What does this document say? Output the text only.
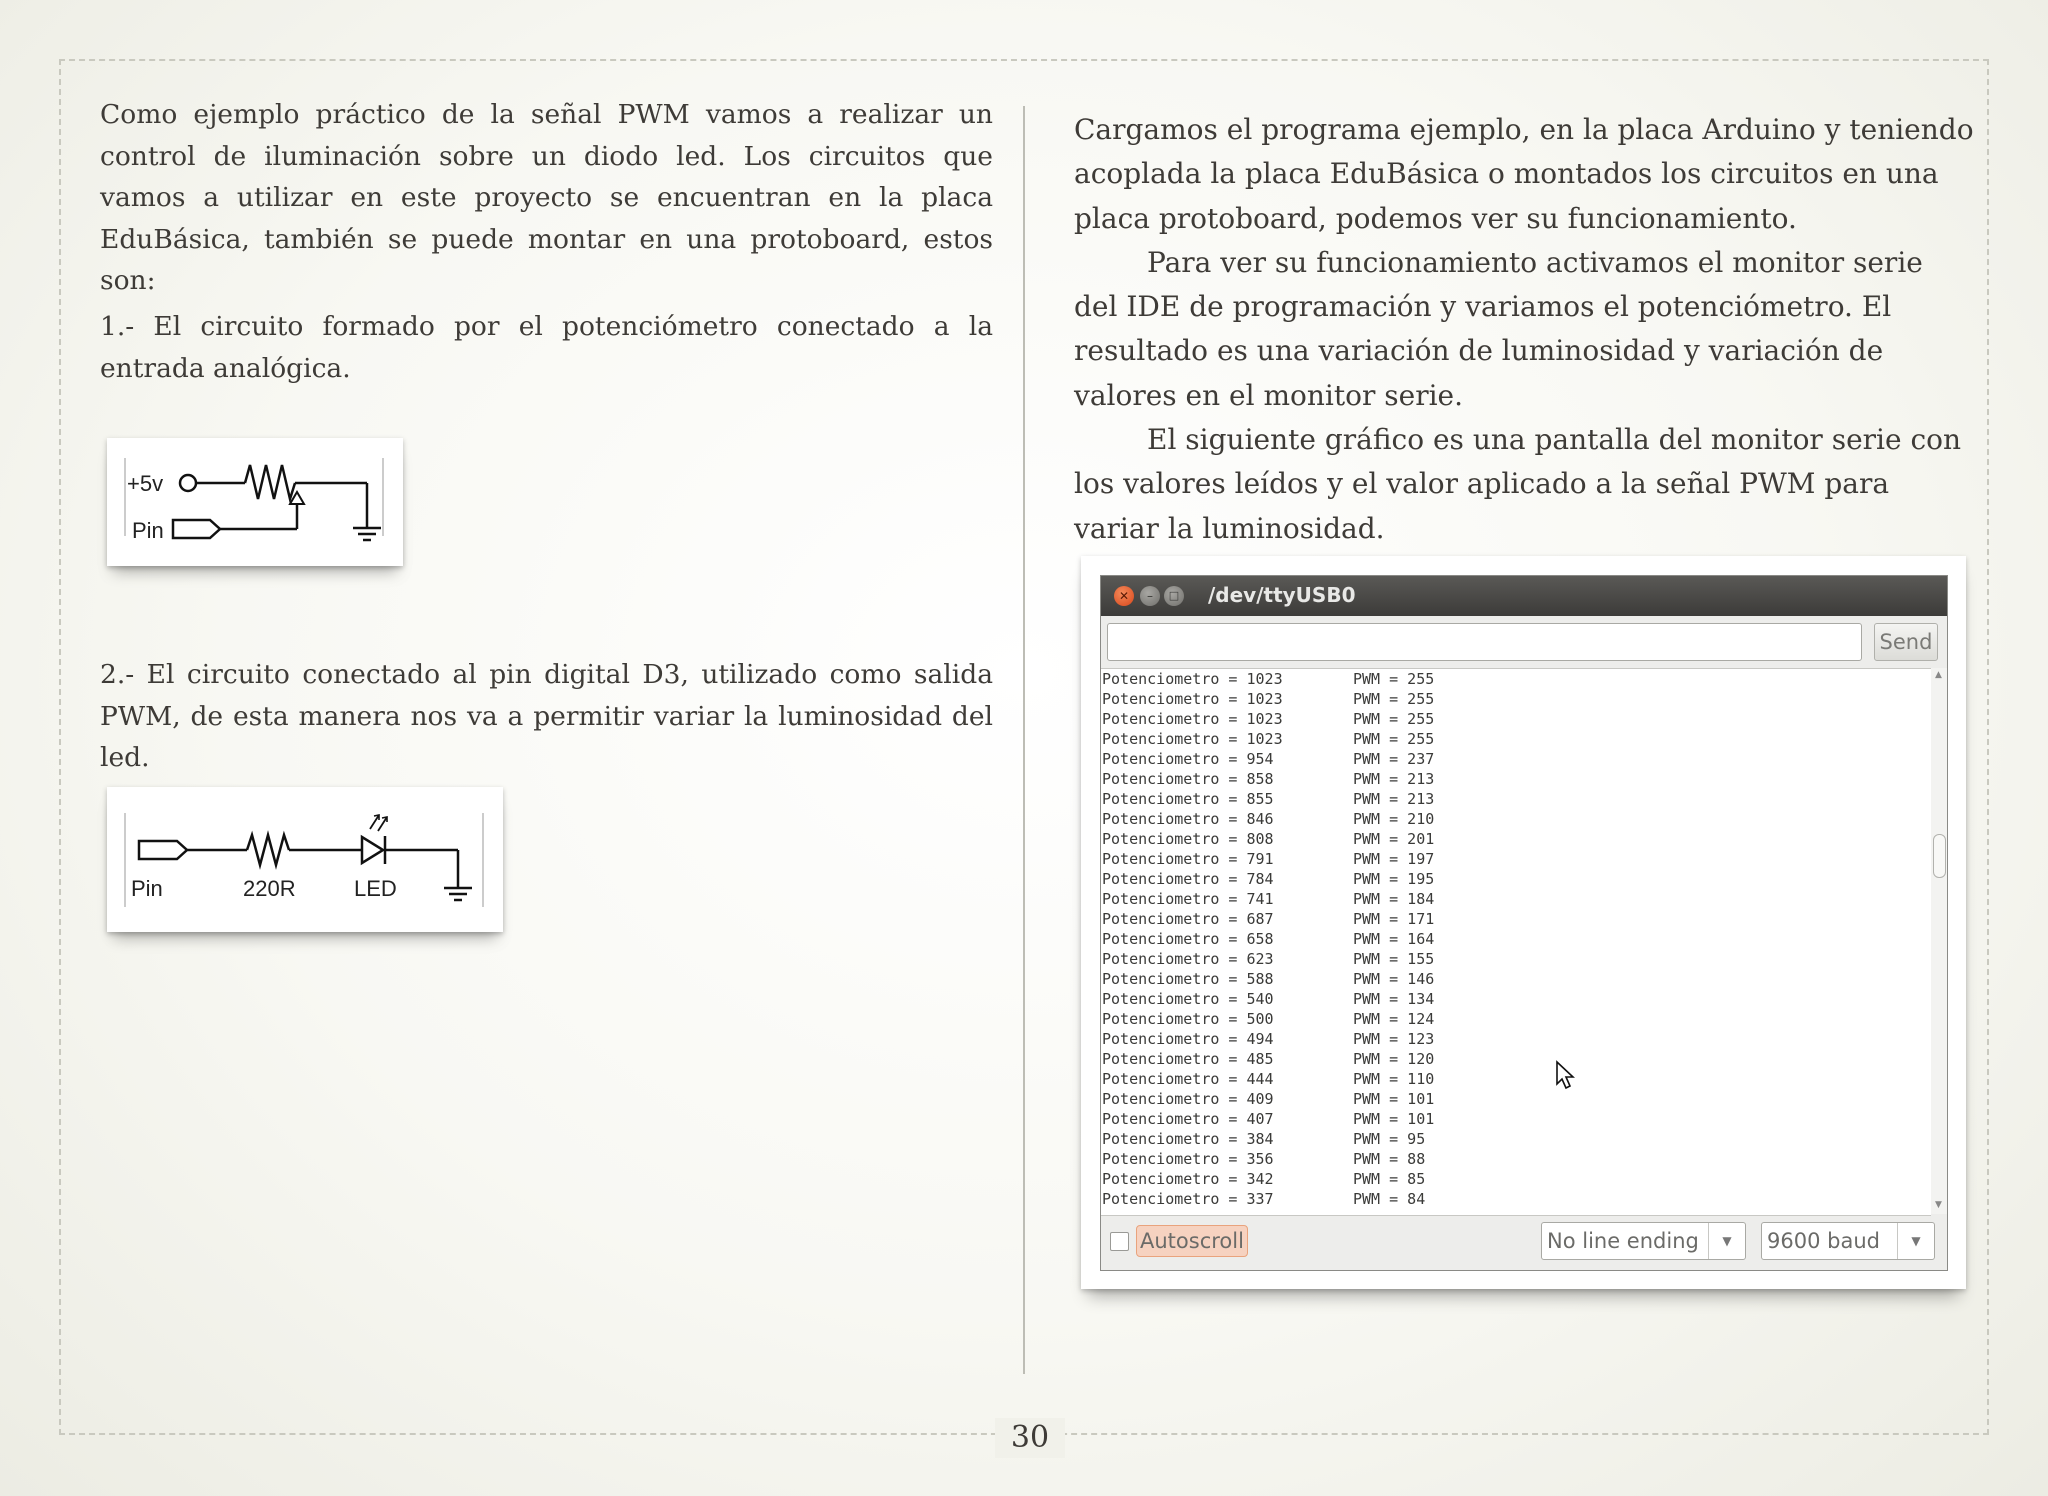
Como ejemplo práctico de la señal PWM vamos a realizar un control de iluminación sobre un diodo led. Los circuitos que vamos a utilizar en este proyecto se encuentran en la placa EduBásica, también se puede montar en una protoboard, estos son:

1.- El circuito formado por el potenciómetro conectado a la entrada analógica.

2.- El circuito conectado al pin digital D3, utilizado como salida PWM, de esta manera nos va a permitir variar la luminosidad del led.

+5v
Pin
Pin	220R	LED

Cargamos el programa ejemplo, en la placa Arduino y teniendo acoplada la placa EduBásica o montados los circuitos en una placa protoboard, podemos ver su funcionamiento.

Para ver su funcionamiento activamos el monitor serie del IDE de programación y variamos el potenciómetro. El resultado es una variación de luminosidad y variación de valores en el monitor serie.

El siguiente gráfico es una pantalla del monitor serie con los valores leídos y el valor aplicado a la señal PWM para variar la luminosidad.

✕	–	□ /dev/ttyUSB0
Send
Potenciometro = 1023	PWM = 255
Potenciometro = 1023	PWM = 255
Potenciometro = 1023	PWM = 255
Potenciometro = 1023	PWM = 255
Potenciometro = 954	PWM = 237
Potenciometro = 858	PWM = 213
Potenciometro = 855	PWM = 213
Potenciometro = 846	PWM = 210
Potenciometro = 808	PWM = 201
Potenciometro = 791	PWM = 197
Potenciometro = 784	PWM = 195
Potenciometro = 741	PWM = 184
Potenciometro = 687	PWM = 171
Potenciometro = 658	PWM = 164
Potenciometro = 623	PWM = 155
Potenciometro = 588	PWM = 146
Potenciometro = 540	PWM = 134
Potenciometro = 500	PWM = 124
Potenciometro = 494	PWM = 123
Potenciometro = 485	PWM = 120
Potenciometro = 444	PWM = 110
Potenciometro = 409	PWM = 101
Potenciometro = 407	PWM = 101
Potenciometro = 384	PWM = 95
Potenciometro = 356	PWM = 88
Potenciometro = 342	PWM = 85
Potenciometro = 337	PWM = 84
▲
▼
Autoscroll	No line ending	▼	9600 baud	▼
30
